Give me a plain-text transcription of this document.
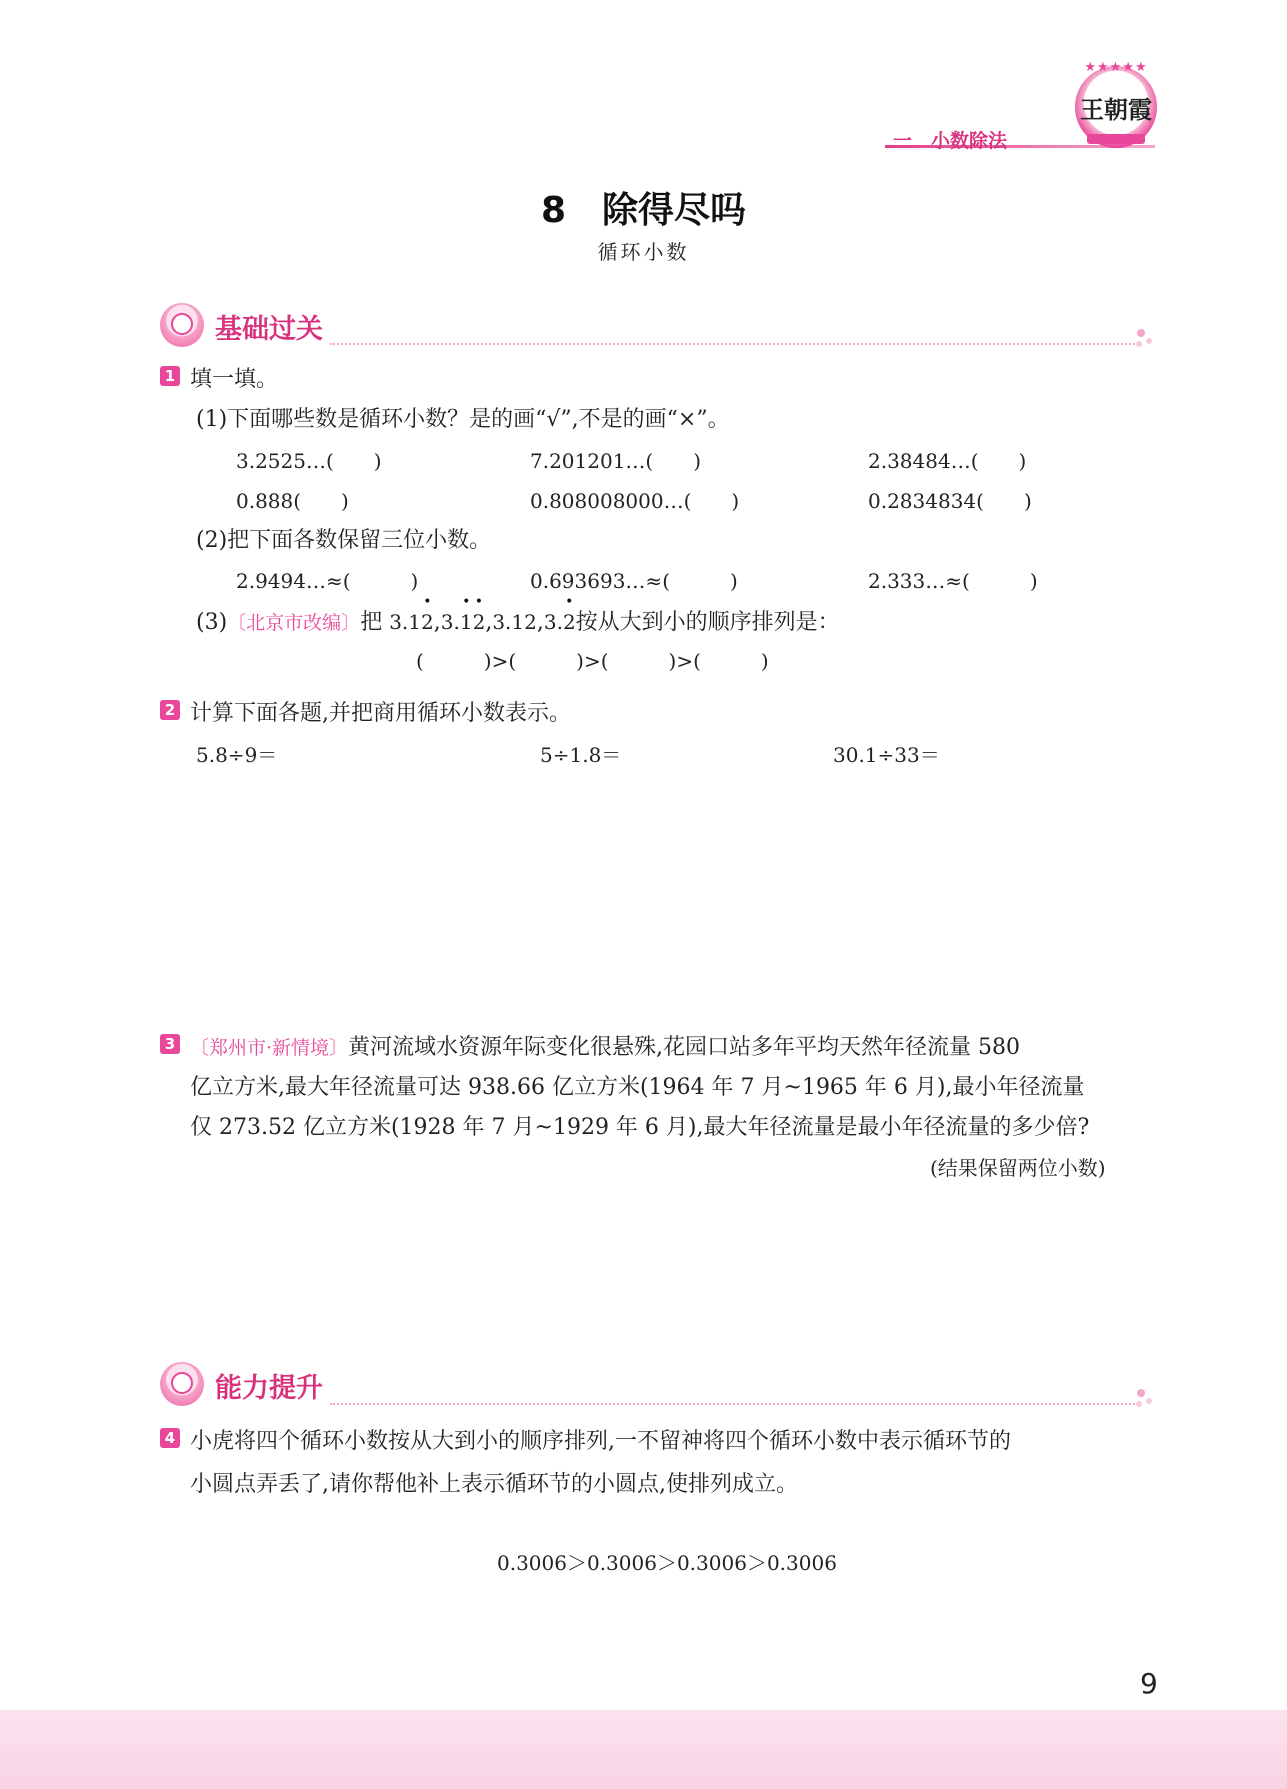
一　小数除法
★★★★★
王朝霞
8　除得尽吗
循环小数
基础过关
1 填一填。
(1)下面哪些数是循环小数？是的画“√”,不是的画“×”。
3.2525…(　　)	7.201201…(　　)	2.38484…(　　)
0.888(　　)	0.808008000…(　　)	0.2834834(　　)
(2)把下面各数保留三位小数。
2.9494…≈(　　　)	0.693693…≈(　　　)	2.333…≈(　　　)
(3)〔北京市改编〕把 3.1• 2,3.• 1• 2,3.12,3.• 2按从大到小的顺序排列是：
(　　　)>(　　　)>(　　　)>(　　　)
2 计算下面各题,并把商用循环小数表示。
5.8÷9＝	5÷1.8＝	30.1÷33＝
3 〔郑州市·新情境〕黄河流域水资源年际变化很悬殊,花园口站多年平均天然年径流量 580
亿立方米,最大年径流量可达 938.66 亿立方米(1964 年 7 月~1965 年 6 月),最小年径流量
仅 273.52 亿立方米(1928 年 7 月~1929 年 6 月),最大年径流量是最小年径流量的多少倍?
(结果保留两位小数)
能力提升
4 小虎将四个循环小数按从大到小的顺序排列,一不留神将四个循环小数中表示循环节的
小圆点弄丢了,请你帮他补上表示循环节的小圆点,使排列成立。
0.3006＞0.3006＞0.3006＞0.3006
9
